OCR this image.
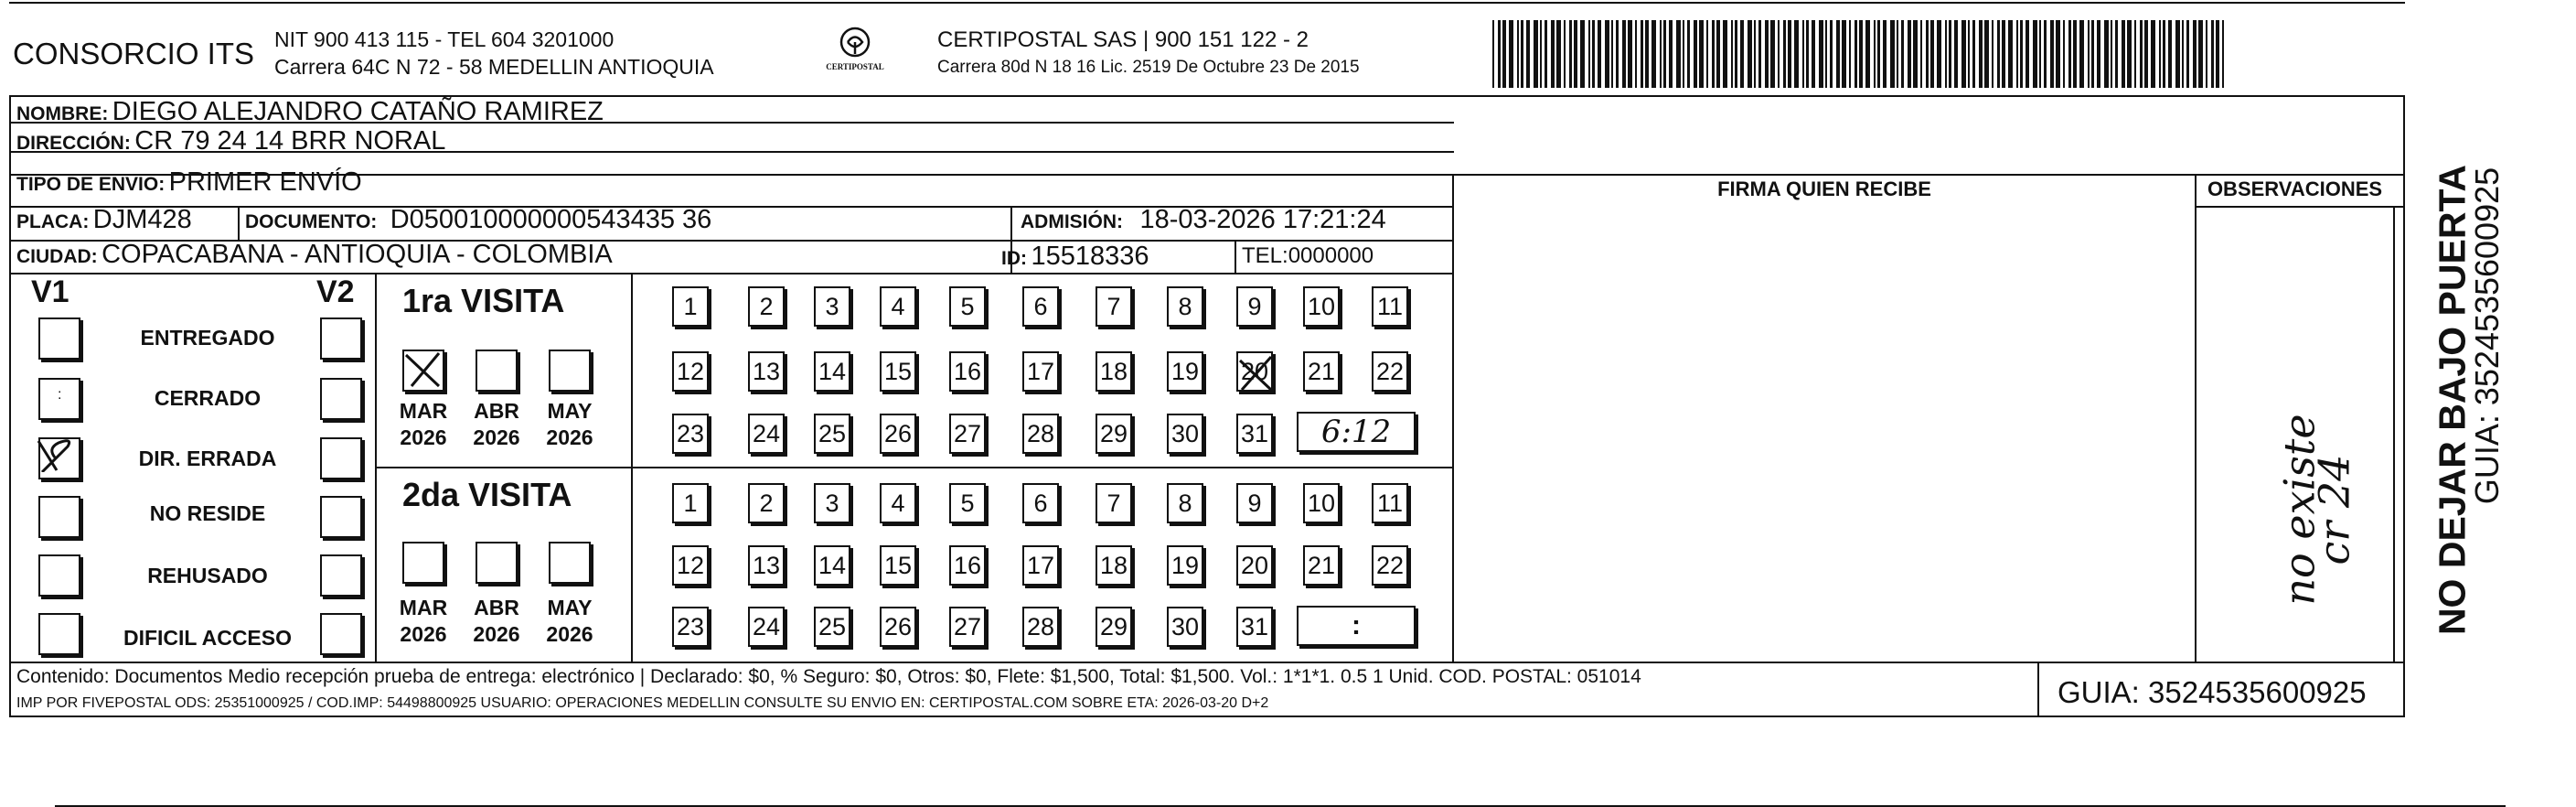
CONSORCIO ITS NIT 900 413 115 - TEL 604 3201000
Carrera 64C N 72 - 58 MEDELLIN ANTIOQUIA	CERTIPOSTAL
CERTIPOSTAL SAS | 900 151 122 - 2
Carrera 80d N 18 16 Lic. 2519 De Octubre 23 De 2015
NOMBRE: DIEGO ALEJANDRO CATAÑO RAMIREZ
DIRECCIÓN: CR 79 24 14 BRR NORAL
TIPO DE ENVIO: PRIMER ENVÍO
PLACA: DJM428	DOCUMENTO: D050010000000543435 36	ADMISIÓN: 18-03-2026 17:21:24
CIUDAD: COPACABANA - ANTIOQUIA - COLOMBIA	ID: 15518336	TEL:0000000
FIRMA QUIEN RECIBE	OBSERVACIONES
V1	V2
:
ENTREGADO
CERRADO
DIR. ERRADA
NO RESIDE
REHUSADO
DIFICIL ACCESO
1ra VISITA
MAR
2026
ABR
2026
MAY
2026	6:12
2da VISITA
MAR
2026
ABR
2026
MAY
2026	:
no existe
cr 24 NO DEJAR BAJO PUERTA
GUIA: 3524535600925
Contenido: Documentos Medio recepción prueba de entrega: electrónico | Declarado: $0, % Seguro: $0, Otros: $0, Flete: $1,500, Total: $1,500. Vol.: 1*1*1. 0.5 1 Unid. COD. POSTAL: 051014
IMP POR FIVEPOSTAL ODS: 25351000925 / COD.IMP: 54498800925 USUARIO: OPERACIONES MEDELLIN CONSULTE SU ENVIO EN: CERTIPOSTAL.COM SOBRE ETA: 2026-03-20 D+2	GUIA: 3524535600925
1	2	3	4	5	6	7	8	9	10 11
12 13 14 15 16 17 18 19 20 21 22
23 24 25 26 27 28 29 30 31
1	2	3	4	5	6	7	8	9	10 11
12 13 14 15 16 17 18 19 20 21 22
23 24 25 26 27 28 29 30 31
